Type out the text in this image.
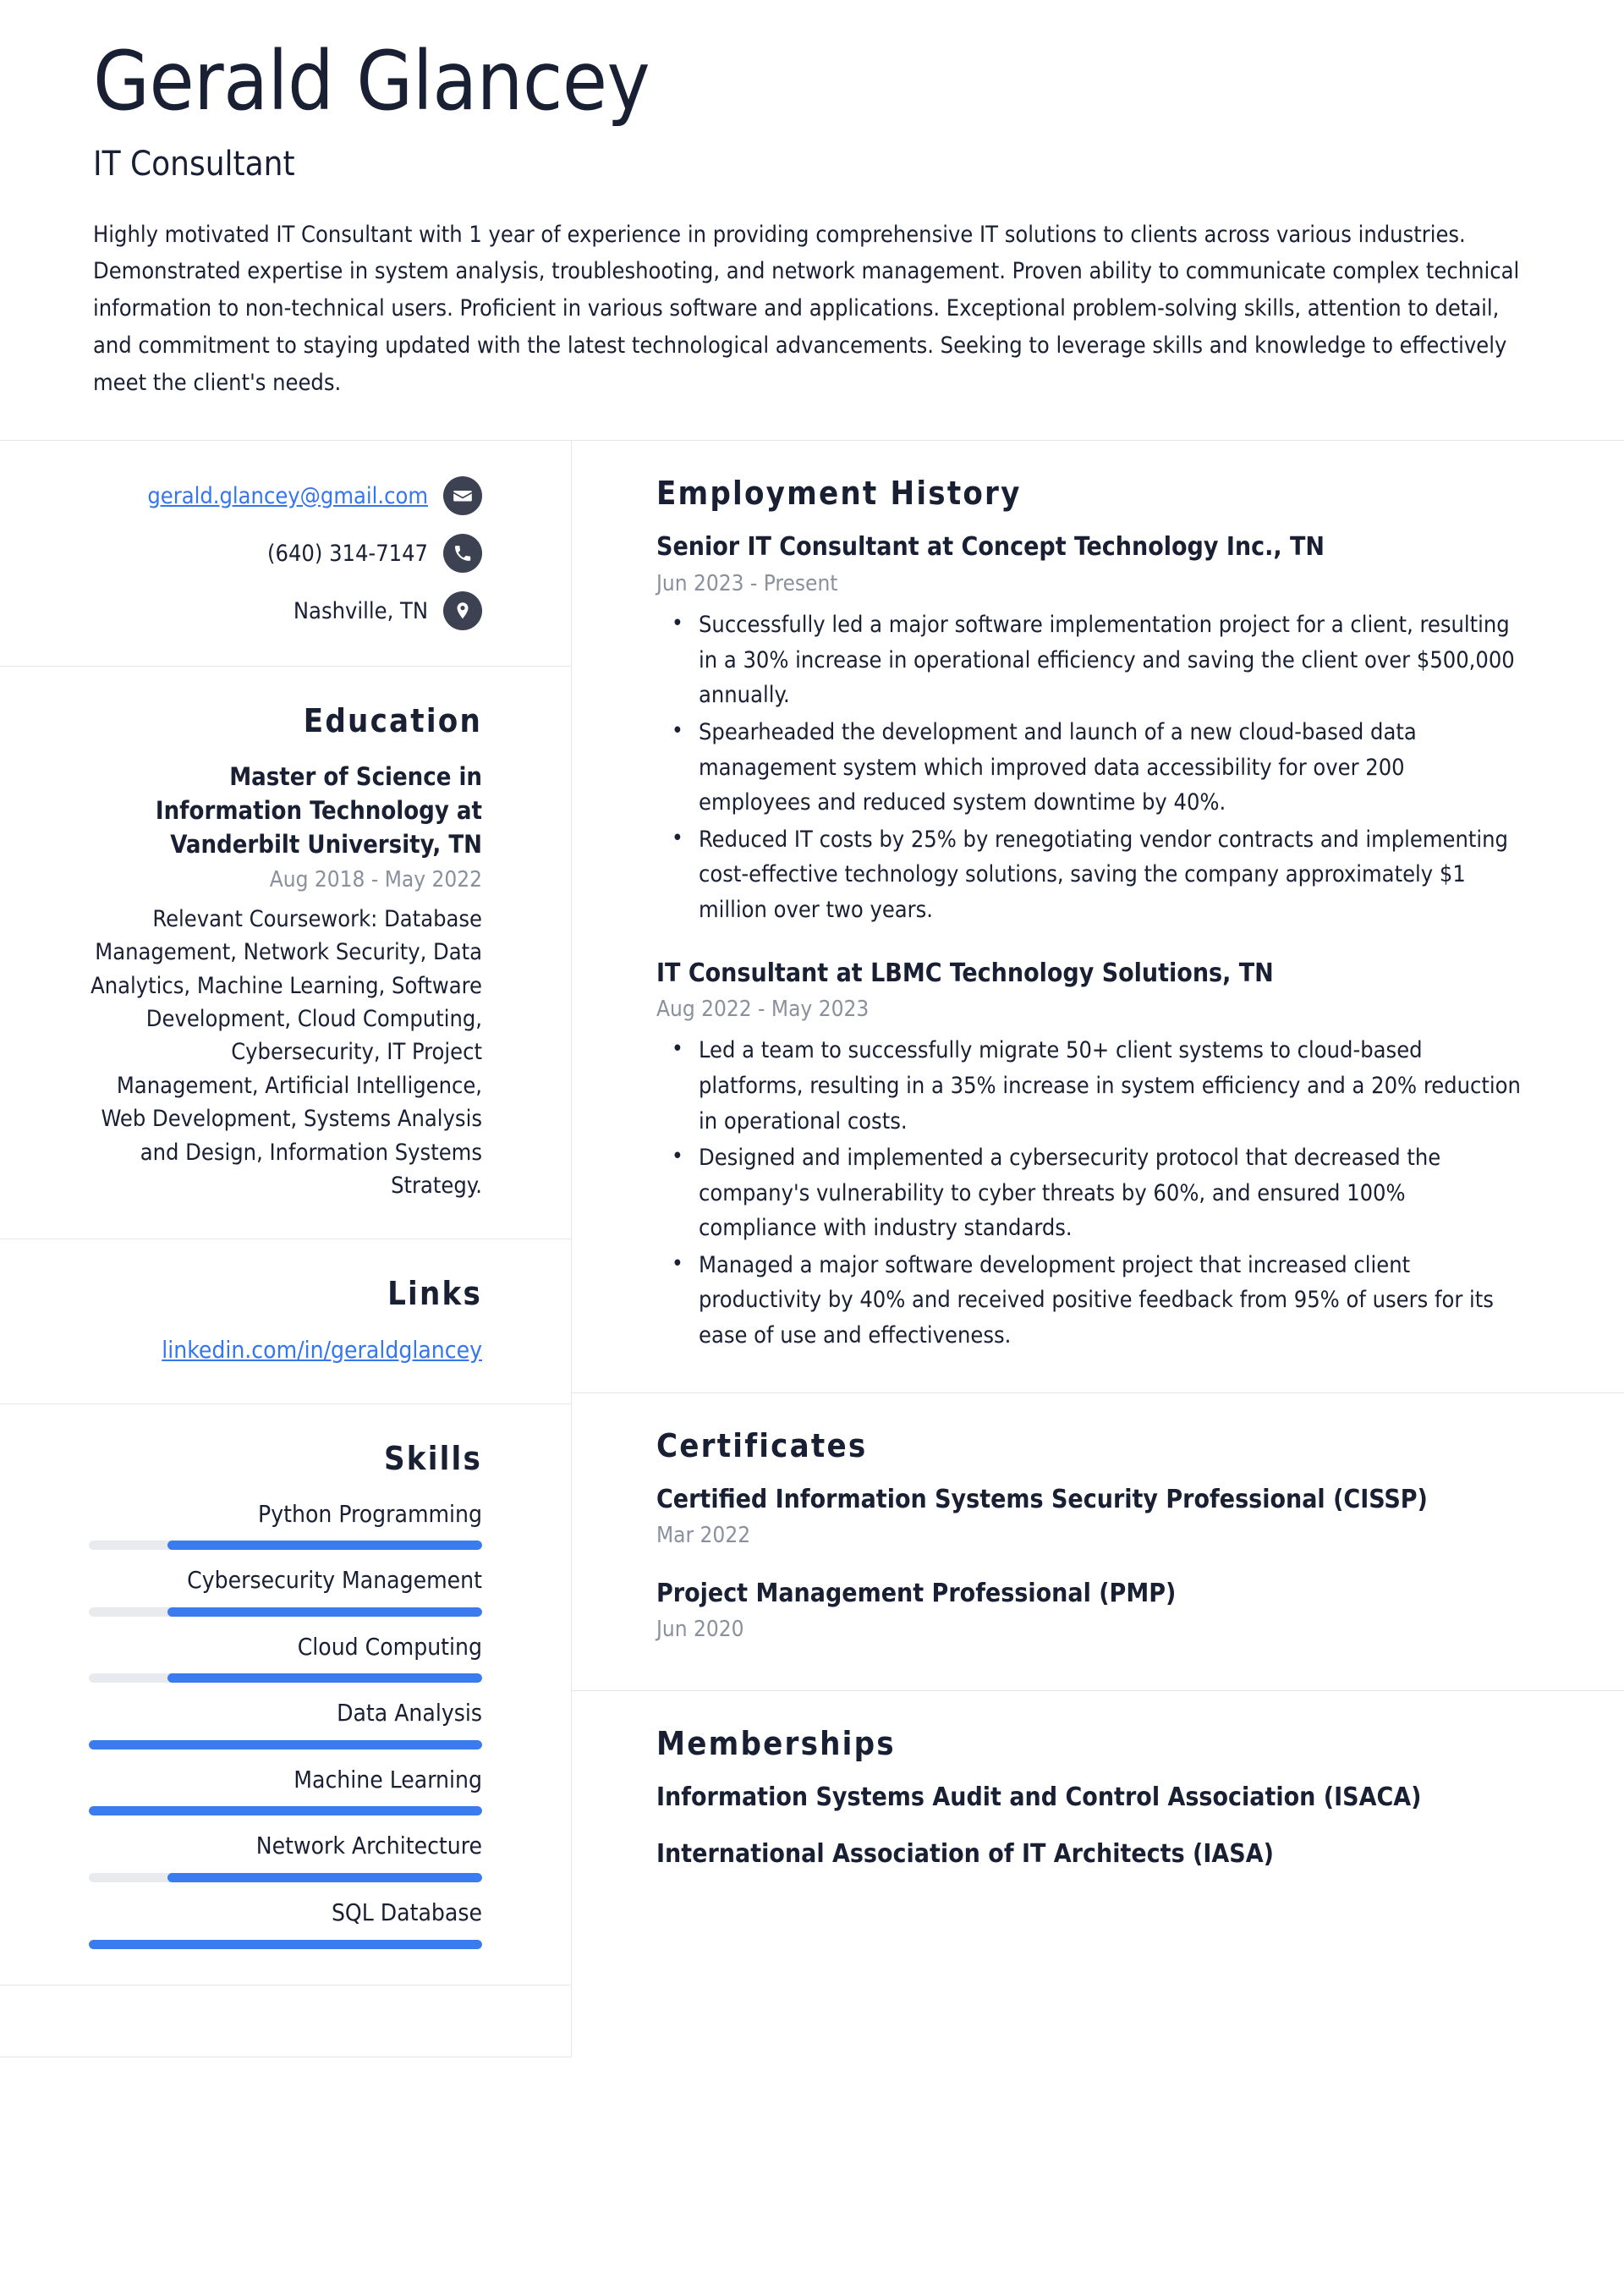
Gerald Glancey
IT Consultant

Highly motivated IT Consultant with 1 year of experience in providing comprehensive IT solutions to clients across various industries. Demonstrated expertise in system analysis, troubleshooting, and network management. Proven ability to communicate complex technical information to non-technical users. Proficient in various software and applications. Exceptional problem-solving skills, attention to detail, and commitment to staying updated with the latest technological advancements. Seeking to leverage skills and knowledge to effectively meet the client's needs.

gerald.glancey@gmail.com
(640) 314-7147
Nashville, TN
Education
Master of Science in Information Technology at Vanderbilt University, TN
Aug 2018 - May 2022
Relevant Coursework: Database Management, Network Security, Data Analytics, Machine Learning, Software Development, Cloud Computing, Cybersecurity, IT Project Management, Artificial Intelligence, Web Development, Systems Analysis and Design, Information Systems Strategy.
Links
linkedin.com/in/geraldglancey
Skills
Python Programming
Cybersecurity Management
Cloud Computing
Data Analysis
Machine Learning
Network Architecture
SQL Database
Employment History
Senior IT Consultant at Concept Technology Inc., TN
Jun 2023 - Present
• Successfully led a major software implementation project for a client, resulting in a 30% increase in operational efficiency and saving the client over $500,000 annually.
• Spearheaded the development and launch of a new cloud-based data management system which improved data accessibility for over 200 employees and reduced system downtime by 40%.
• Reduced IT costs by 25% by renegotiating vendor contracts and implementing cost-effective technology solutions, saving the company approximately $1 million over two years.
IT Consultant at LBMC Technology Solutions, TN
Aug 2022 - May 2023
• Led a team to successfully migrate 50+ client systems to cloud-based platforms, resulting in a 35% increase in system efficiency and a 20% reduction in operational costs.
• Designed and implemented a cybersecurity protocol that decreased the company's vulnerability to cyber threats by 60%, and ensured 100% compliance with industry standards.
• Managed a major software development project that increased client productivity by 40% and received positive feedback from 95% of users for its ease of use and effectiveness.
Certificates
Certified Information Systems Security Professional (CISSP)
Mar 2022
Project Management Professional (PMP)
Jun 2020
Memberships
Information Systems Audit and Control Association (ISACA)
International Association of IT Architects (IASA)
